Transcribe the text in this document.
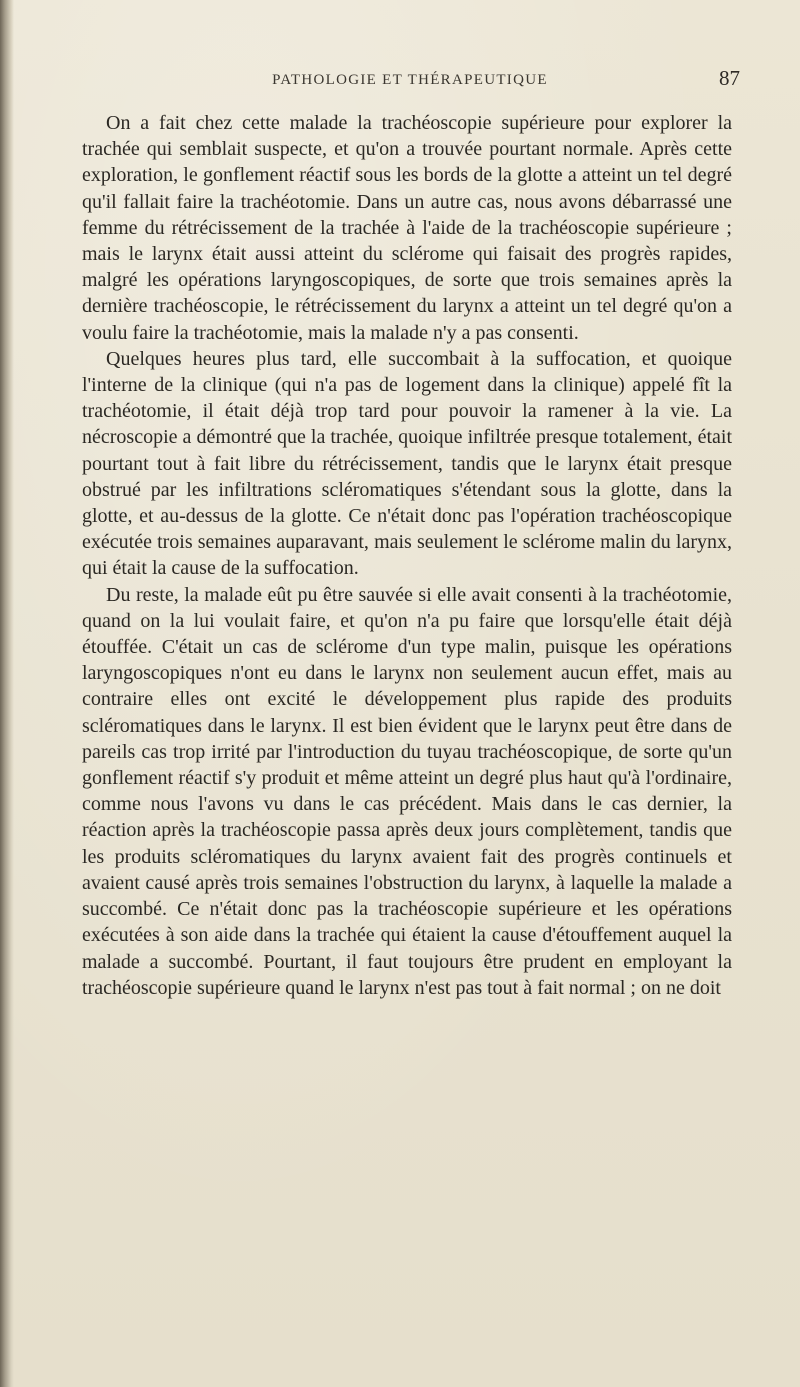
PATHOLOGIE ET THÉRAPEUTIQUE	87

On a fait chez cette malade la trachéoscopie supérieure pour explorer la trachée qui semblait suspecte, et qu'on a trouvée pourtant normale. Après cette exploration, le gonflement réactif sous les bords de la glotte a atteint un tel degré qu'il fallait faire la trachéotomie. Dans un autre cas, nous avons débarrassé une femme du rétrécissement de la trachée à l'aide de la trachéoscopie supérieure ; mais le larynx était aussi atteint du sclérome qui faisait des progrès rapides, malgré les opérations laryngoscopiques, de sorte que trois semaines après la dernière trachéoscopie, le rétrécissement du larynx a atteint un tel degré qu'on a voulu faire la trachéotomie, mais la malade n'y a pas consenti.

Quelques heures plus tard, elle succombait à la suffocation, et quoique l'interne de la clinique (qui n'a pas de logement dans la clinique) appelé fît la trachéotomie, il était déjà trop tard pour pouvoir la ramener à la vie. La nécroscopie a démontré que la trachée, quoique infiltrée presque totalement, était pourtant tout à fait libre du rétrécissement, tandis que le larynx était presque obstrué par les infiltrations scléromatiques s'étendant sous la glotte, dans la glotte, et au-dessus de la glotte. Ce n'était donc pas l'opération trachéoscopique exécutée trois semaines auparavant, mais seulement le sclérome malin du larynx, qui était la cause de la suffocation.

Du reste, la malade eût pu être sauvée si elle avait consenti à la trachéotomie, quand on la lui voulait faire, et qu'on n'a pu faire que lorsqu'elle était déjà étouffée. C'était un cas de sclérome d'un type malin, puisque les opérations laryngoscopiques n'ont eu dans le larynx non seulement aucun effet, mais au contraire elles ont excité le développement plus rapide des produits scléromatiques dans le larynx. Il est bien évident que le larynx peut être dans de pareils cas trop irrité par l'introduction du tuyau trachéoscopique, de sorte qu'un gonflement réactif s'y produit et même atteint un degré plus haut qu'à l'ordinaire, comme nous l'avons vu dans le cas précédent. Mais dans le cas dernier, la réaction après la trachéoscopie passa après deux jours complètement, tandis que les produits scléromatiques du larynx avaient fait des progrès continuels et avaient causé après trois semaines l'obstruction du larynx, à laquelle la malade a succombé. Ce n'était donc pas la trachéoscopie supérieure et les opérations exécutées à son aide dans la trachée qui étaient la cause d'étouffement auquel la malade a succombé. Pourtant, il faut toujours être prudent en employant la trachéoscopie supérieure quand le larynx n'est pas tout à fait normal ; on ne doit
